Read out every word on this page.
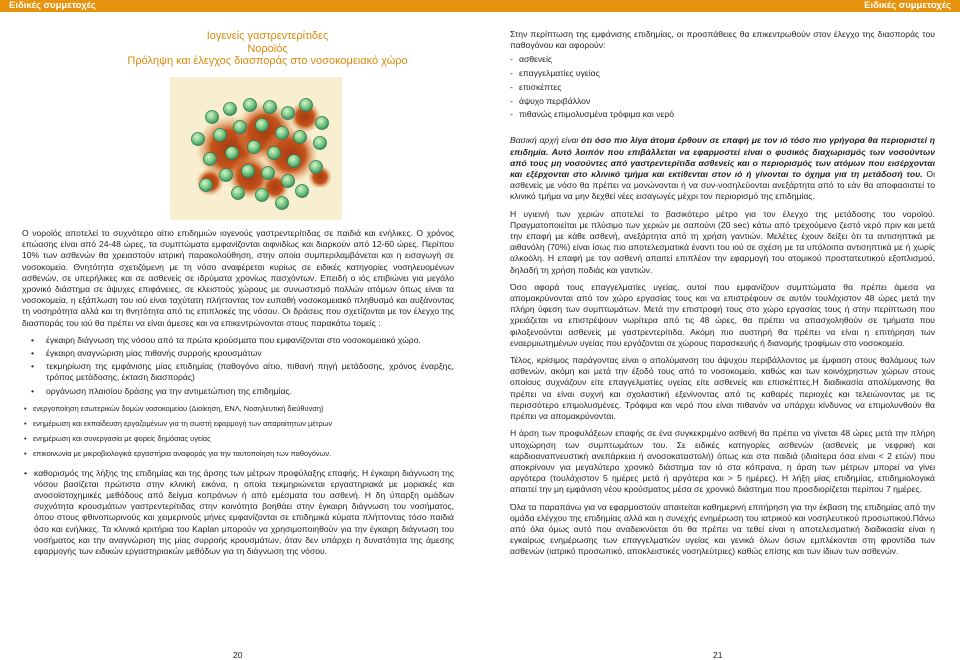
Ειδικές συμμετοχές
Ιογενείς γαστρεντερίτιδες
Νοροϊός
Πρόληψη και έλεγχος διασποράς στο νοσοκομειακό χώρο

Ο νοροϊός αποτελεί το συχνότερο αίτιο επιδημιών ιογενούς γαστρεντερίτιδας σε παιδιά και ενήλικες. Ο χρόνος επώασης είναι από 24-48 ώρες, τα συμπτώματα εμφανίζονται αιφνιδίως και διαρκούν από 12-60 ώρες. Περίπου 10% των ασθενών θα χρειαστούν ιατρική παρακολούθηση, στην οποία συμπεριλαμβάνεται και η εισαγωγή σε νοσοκομείο. Θνητότητα σχετιζόμενη με τη νόσο αναφέρεται κυρίως σε ειδικές κατηγορίες νοσηλευομένων ασθενών, σε υπερήλικες και σε ασθενείς σε ιδρύματα χρονίως πασχόντων. Επειδή ο ιός επιβιώνει για μεγάλο χρονικό διάστημα σε άψυχες επιφάνειες, σε κλειστούς χώρους με συνωστισμό πολλών ατόμων όπως είναι τα νοσοκομεία, η εξάπλωση του ιού είναι ταχύτατη πλήττοντας τον ευπαθή νοσοκομειακό πληθυσμό και αυξάνοντας τη νοσηρότητα αλλά και τη θνητότητα από τις επιπλοκές της νόσου. Οι δράσεις που σχετίζονται με τον έλεγχο της διασποράς του ιού θα πρέπει να είναι άμεσες και να επικεντρώνονται στους παρακάτω τομείς :

• έγκαιρη διάγνωση της νόσου από τα πρώτα κρούσματα που εμφανίζονται στο νοσοκομειακό χώρο.
• έγκαιρη αναγνώριση μίας πιθανής συρροής κρουσμάτων
• τεκμηρίωση της εμφάνισης μίας επιδημίας (παθογόνο αίτιο, πιθανή πηγή μετάδοσης, χρόνος έναρξης, τρόπος μετάδοσης, έκταση διασποράς)
• οργάνωση πλαισίου δράσης για την αντιμετώπιση της επιδημίας.
• ενεργοποίηση εσωτερικών δομών νοσοκομείου (Διοίκηση, ΕΝΛ, Νοσηλευτική διεύθυνση)
• ενημέρωση και εκπαίδευση εργαζομένων για τη σωστή εφαρμογή των απαραίτητων μέτρων
• ενημέρωση και συνεργασία με φορείς δημόσιας υγείας
• επικοινωνία με μικροβιολογικά εργαστήρια αναφοράς για την ταυτοποίηση των παθογόνων.
• καθορισμός της λήξης της επιδημίας και της άρσης των μέτρων προφύλαξης επαφής. Η έγκαιρη διάγνωση της νόσου βασίζεται πρώτιστα στην κλινική εικόνα, η οποία τεκμηριώνεται εργαστηριακά με μοριακές και ανοσοϊστοχημικές μεθόδους από δείγμα κοπράνων ή από εμέσματα του ασθενή. Η δη ύπαρξη ομάδων συχνότητα κρουσμάτων γαστρεντερίτιδας στην κοινότητα βοηθάει στην έγκαιρη διάγνωση του νοσήματος, όπου στους φθινοπωρινούς και χειμερινούς μήνες εμφανίζονται σε επιδημικά κύματα πλήττοντας τόσο παιδιά όσο και ενήλικες. Τα κλινικά κριτήρια του Kaplan μπορούν να χρησιμοποιηθούν για την έγκαιρη διάγνωση του νοσήματος και την αναγνώριση της μίας συρροής κρουσμάτων, όταν δεν υπάρχει η δυνατότητα της άμεσης εφαρμογής των ειδικών εργαστηριακών μεθόδων για τη διάγνωση της νόσου.
20
Ειδικές συμμετοχές

Στην περίπτωση της εμφάνισης επιδημίας, οι προσπάθειες θα επικεντρωθούν στον έλεγχο της διασποράς του παθογόνου και αφορούν:

- ασθενείς
- επαγγελματίες υγείας
- επισκέπτες
- άψυχο περιβάλλον
- πιθανώς επιμολυσμένα τρόφιμα και νερό

Βασική αρχή είναι ότι όσο πιο λίγα άτομα έρθουν σε επαφή με τον ιό τόσο πιο γρήγορα θα περιοριστεί η επιδημία. Αυτό λοιπόν που επιβάλλεται να εφαρμοστεί είναι ο φυσικός διαχωρισμός των νοσούντων από τους μη νοσούντες από γαστρεντερίτιδα ασθενείς και ο περιορισμός των ατόμων που εισέρχονται και εξέρχονται στο κλινικό τμήμα και εκτίθενται στον ιό ή γίνονται το όχημα για τη μετάδοσή του. Οι ασθενείς με νόσο θα πρέπει να μονώνονται ή να συν-νοσηλεύονται ανεξάρτητα από το εάν θα αποφασιστεί το κλινικό τμήμα να μην δεχθεί νέες εισαγωγές μέχρι τον περιορισμό της επιδημίας.

Η υγιεινή των χεριών αποτελεί το βασικότερο μέτρο για τον έλεγχο της μετάδοσης του νοροϊού. Πραγματοποιείται με πλύσιμο των χεριών με σαπούνι (20 sec) κάτω από τρεχούμενο ζεστό νερό πριν και μετά την επαφή με κάθε ασθενή, ανεξάρτητα από τη χρήση γαντιών. Μελέτες έχουν δείξει ότι τα αντισηπτικά με αιθανόλη (70%) είναι ίσως πιο αποτελεσματικά έναντι του ιού σε σχέση με τα υπόλοιπα αντισηπτικά με ή χωρίς αλκοόλη. Η επαφή με τον ασθενή απαιτεί επιπλέον την εφαρμογή του ατομικού προστατευτικού εξοπλισμού, δηλαδή τη χρήση ποδιάς και γαντιών.

Όσο αφορά τους επαγγελματίες υγείας, αυτοί που εμφανίζουν συμπτώματα θα πρέπει άμεσα να απομακρύνονται από τον χώρο εργασίας τους και να επιστρέφουν σε αυτόν τουλάχιστον 48 ώρες μετά την πλήρη ύφεση των συμπτωμάτων. Μετά την επιστροφή τους στο χώρο εργασίας τους ή στην περίπτωση που χρειάζεται να επιστρέψουν νωρίτερα από τις 48 ώρες, θα πρέπει να απασχοληθούν σε τμήματα που φιλοξενούνται ασθενείς με γαστρεντερίτιδα. Ακόμη πιο αυστηρή θα πρέπει να είναι η επιτήρηση των εναερμιωτημένων υγείας που εργάζονται σε χώρους παρασκευής ή διανομής τροφίμων στο νοσοκομείο.

Τέλος, κρίσιμος παράγοντας είναι ο απολύμανση του άψυχου περιβάλλοντος με έμφαση στους θαλάμους των ασθενών, ακόμη και μετά την έξοδό τους από το νοσοκομείο, καθώς και των κοινόχρηστων χώρων στους οποίους συχνάζουν είτε επαγγελματίες υγείας είτε ασθενείς και επισκέπτες.Η διαδικασία απολύμανσης θα πρέπει να είναι συχνή και σχολαστική εξενίνοντας από τις καθαρές περιοχές και τελειώνοντας με τις περισσότερο επιμολυσμένες. Τρόφιμα και νερό που είναι πιθανόν να υπάρχει κίνδυνος να επιμολυνθούν θα πρέπει να απομακρύνονται.

Η άρση των προφυλάξεων επαφής σε ένα συγκεκριμένο ασθενή θα πρέπει να γίνεται 48 ώρες μετά την πλήρη υποχώρηση των συμπτωμάτων του. Σε ειδικές κατηγορίες ασθενών (ασθενείς με νεφρική και καρδιοαναπνευστική ανεπάρκεια ή ανοσοκαταστολή) όπως και στα παιδιά (ιδιαίτερα όσα είναι < 2 ετών) που αποκρίνουν για μεγαλύτερο χρονικό διάστημα τον ιό στα κόπρανα, η άρση των μέτρων μπορεί να γίνει αργότερα (τουλάχιστον 5 ημέρες μετά ή αργότερα και > 5 ημέρες). Η λήξη μίας επιδημίας, επιδημιολογικά απαιτεί την μη εμφάνιση νέου κρούσματος μέσα σε χρονικό διάστημα που προσδιορίζεται περίπου 7 ημέρες.

Όλα τα παραπάνω για να εφαρμοστούν απαιτείται καθημερινή επιτήρηση για την έκβαση της επιδημίας από την ομάδα ελέγχου της επιδημίας αλλά και η συνεχής ενημέρωση του ιατρικού και νοσηλευτικού προσωπικού.Πάνω από όλα όμως αυτό που αναδεικνύεται ότι θα πρέπει να τεθεί είναι η αποτελεσματική διαδικασία είναι η εγκαίρως ενημέρωσης των επαγγελματιών υγείας και γενικά όλων όσων εμπλέκονται στη φροντίδα των ασθενών (ιατρικό προσωπικό, αποκλειστικές νοσηλεύτριες) καθώς επίσης και των ίδιων των ασθενών.

21
